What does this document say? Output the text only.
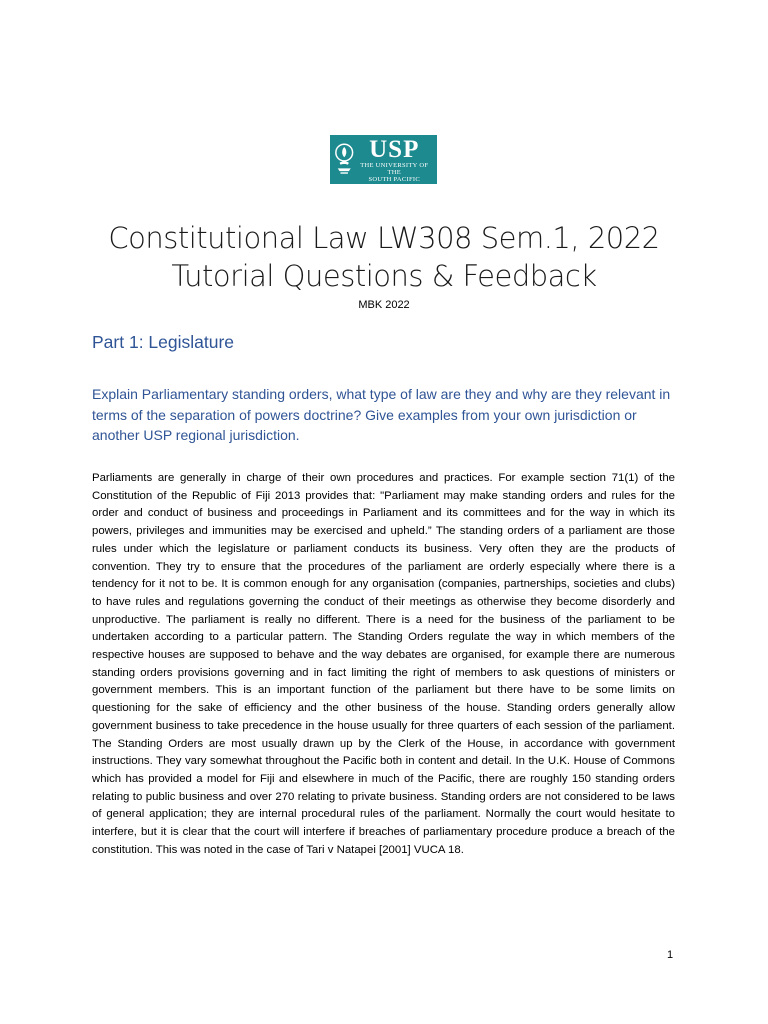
USP
THE UNIVERSITY OF THE
SOUTH PACIFIC
Constitutional Law LW308 Sem.1, 2022
Tutorial Questions & Feedback
MBK 2022
Part 1: Legislature
Explain Parliamentary standing orders, what type of law are they and why are they relevant in terms of the separation of powers doctrine? Give examples from your own jurisdiction or another USP regional jurisdiction.
Parliaments are generally in charge of their own procedures and practices. For example section 71(1) of the Constitution of the Republic of Fiji 2013 provides that: "Parliament may make standing orders and rules for the order and conduct of business and proceedings in Parliament and its committees and for the way in which its powers, privileges and immunities may be exercised and upheld.” The standing orders of a parliament are those rules under which the legislature or parliament conducts its business. Very often they are the products of convention. They try to ensure that the procedures of the parliament are orderly especially where there is a tendency for it not to be. It is common enough for any organisation (companies, partnerships, societies and clubs) to have rules and regulations governing the conduct of their meetings as otherwise they become disorderly and unproductive. The parliament is really no different. There is a need for the business of the parliament to be undertaken according to a particular pattern. The Standing Orders regulate the way in which members of the respective houses are supposed to behave and the way debates are organised, for example there are numerous standing orders provisions governing and in fact limiting the right of members to ask questions of ministers or government members. This is an important function of the parliament but there have to be some limits on questioning for the sake of efficiency and the other business of the house. Standing orders generally allow government business to take precedence in the house usually for three quarters of each session of the parliament. The Standing Orders are most usually drawn up by the Clerk of the House, in accordance with government instructions. They vary somewhat throughout the Pacific both in content and detail. In the U.K. House of Commons which has provided a model for Fiji and elsewhere in much of the Pacific, there are roughly 150 standing orders relating to public business and over 270 relating to private business. Standing orders are not considered to be laws of general application; they are internal procedural rules of the parliament. Normally the court would hesitate to interfere, but it is clear that the court will interfere if breaches of parliamentary procedure produce a breach of the constitution. This was noted in the case of Tari v Natapei [2001] VUCA 18.
1
